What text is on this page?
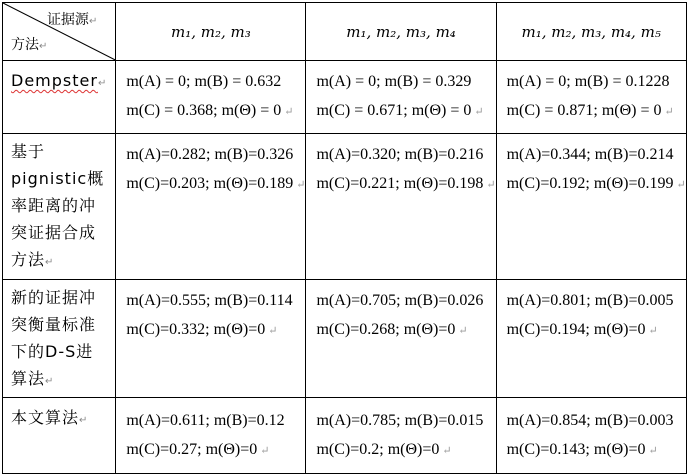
证据源↵
方法↵	m₁, m₂, m₃	m₁, m₂, m₃, m₄	m₁, m₂, m₃, m₄, m₅
Dempster↵	m(A) = 0; m(B) = 0.632
m(C) = 0.368; m(Θ) = 0 ↵	m(A) = 0; m(B) = 0.329
m(C) = 0.671; m(Θ) = 0 ↵	m(A) = 0; m(B) = 0.1228
m(C) = 0.871; m(Θ) = 0 ↵

基于pignistic概率距离的冲突证据合成方法↵	m(A)=0.282; m(B)=0.326
m(C)=0.203; m(Θ)=0.189 ↵	m(A)=0.320; m(B)=0.216
m(C)=0.221; m(Θ)=0.198 ↵	m(A)=0.344; m(B)=0.214
m(C)=0.192; m(Θ)=0.199 ↵

新的证据冲突衡量标准下的D-S进算法↵	m(A)=0.555; m(B)=0.114
m(C)=0.332; m(Θ)=0 ↵	m(A)=0.705; m(B)=0.026
m(C)=0.268; m(Θ)=0 ↵	m(A)=0.801; m(B)=0.005
m(C)=0.194; m(Θ)=0 ↵

本文算法↵	m(A)=0.611; m(B)=0.12
m(C)=0.27; m(Θ)=0 ↵	m(A)=0.785; m(B)=0.015
m(C)=0.2; m(Θ)=0 ↵	m(A)=0.854; m(B)=0.003
m(C)=0.143; m(Θ)=0 ↵
